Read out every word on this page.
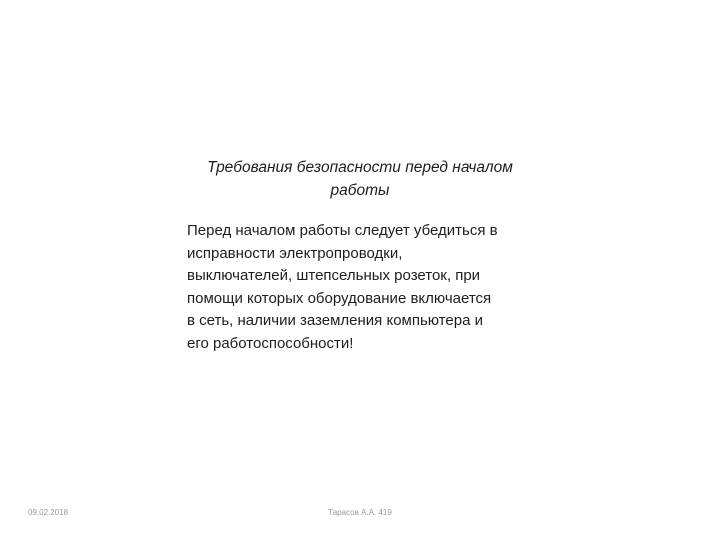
Требования безопасности перед началом
работы

Перед началом работы следует убедиться в
исправности электропроводки,
выключателей, штепсельных розеток, при
помощи которых оборудование включается
в сеть, наличии заземления компьютера и
его работоспособности!

09.02.2018	Тарасов А.А. 419
